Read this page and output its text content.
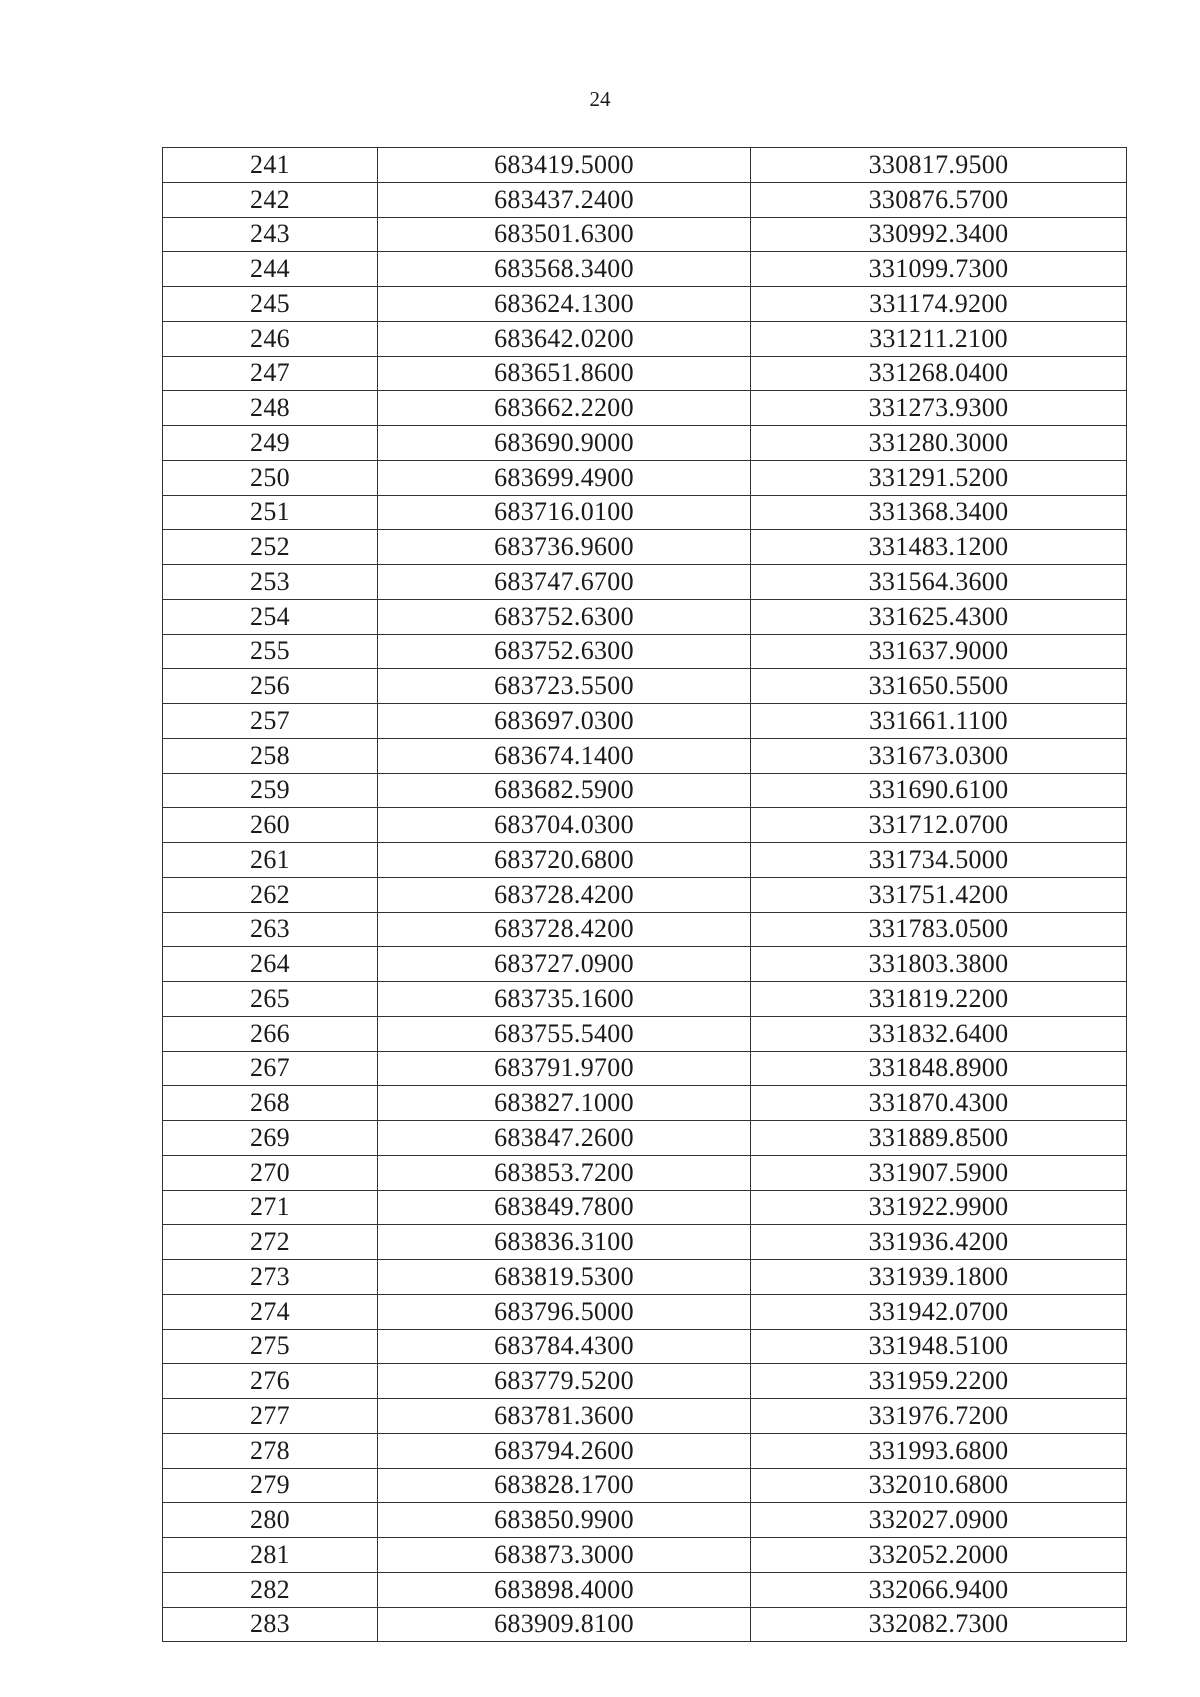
24
241	683419.5000	330817.9500
242	683437.2400	330876.5700
243	683501.6300	330992.3400
244	683568.3400	331099.7300
245	683624.1300	331174.9200
246	683642.0200	331211.2100
247	683651.8600	331268.0400
248	683662.2200	331273.9300
249	683690.9000	331280.3000
250	683699.4900	331291.5200
251	683716.0100	331368.3400
252	683736.9600	331483.1200
253	683747.6700	331564.3600
254	683752.6300	331625.4300
255	683752.6300	331637.9000
256	683723.5500	331650.5500
257	683697.0300	331661.1100
258	683674.1400	331673.0300
259	683682.5900	331690.6100
260	683704.0300	331712.0700
261	683720.6800	331734.5000
262	683728.4200	331751.4200
263	683728.4200	331783.0500
264	683727.0900	331803.3800
265	683735.1600	331819.2200
266	683755.5400	331832.6400
267	683791.9700	331848.8900
268	683827.1000	331870.4300
269	683847.2600	331889.8500
270	683853.7200	331907.5900
271	683849.7800	331922.9900
272	683836.3100	331936.4200
273	683819.5300	331939.1800
274	683796.5000	331942.0700
275	683784.4300	331948.5100
276	683779.5200	331959.2200
277	683781.3600	331976.7200
278	683794.2600	331993.6800
279	683828.1700	332010.6800
280	683850.9900	332027.0900
281	683873.3000	332052.2000
282	683898.4000	332066.9400
283	683909.8100	332082.7300
